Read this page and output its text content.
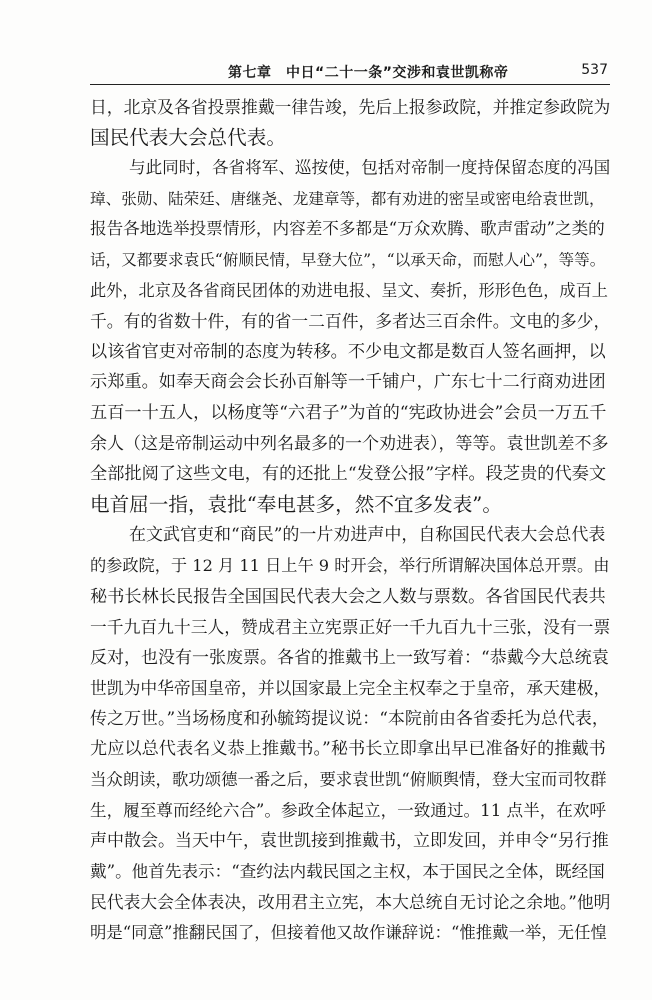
第七章　中日“二十一条”交涉和袁世凯称帝	537
日，北京及各省投票推戴一律告竣，先后上报参政院，并推定参政院为
国民代表大会总代表。
与此同时，各省将军、巡按使，包括对帝制一度持保留态度的冯国
璋、张勋、陆荣廷、唐继尧、龙建章等，都有劝进的密呈或密电给袁世凯，
报告各地选举投票情形，内容差不多都是“万众欢腾、歌声雷动”之类的
话，又都要求袁氏“俯顺民情，早登大位”，“以承天命，而慰人心”，等等。
此外，北京及各省商民团体的劝进电报、呈文、奏折，形形色色，成百上
千。有的省数十件，有的省一二百件，多者达三百余件。文电的多少，
以该省官吏对帝制的态度为转移。不少电文都是数百人签名画押，以
示郑重。如奉天商会会长孙百斛等一千铺户，广东七十二行商劝进团
五百一十五人，以杨度等“六君子”为首的“宪政协进会”会员一万五千
余人（这是帝制运动中列名最多的一个劝进表），等等。袁世凯差不多
全部批阅了这些文电，有的还批上“发登公报”字样。段芝贵的代奏文
电首屈一指，袁批“奉电甚多，然不宜多发表”。
在文武官吏和“商民”的一片劝进声中，自称国民代表大会总代表
的参政院，于 12 月 11 日上午 9 时开会，举行所谓解决国体总开票。由
秘书长林长民报告全国国民代表大会之人数与票数。各省国民代表共
一千九百九十三人，赞成君主立宪票正好一千九百九十三张，没有一票
反对，也没有一张废票。各省的推戴书上一致写着：“恭戴今大总统袁
世凯为中华帝国皇帝，并以国家最上完全主权奉之于皇帝，承天建极，
传之万世。”当场杨度和孙毓筠提议说：“本院前由各省委托为总代表，
尤应以总代表名义恭上推戴书。”秘书长立即拿出早已准备好的推戴书
当众朗读，歌功颂德一番之后，要求袁世凯“俯顺舆情，登大宝而司牧群
生，履至尊而经纶六合”。参政全体起立，一致通过。11 点半，在欢呼
声中散会。当天中午，袁世凯接到推戴书，立即发回，并申令“另行推
戴”。他首先表示：“查约法内载民国之主权，本于国民之全体，既经国
民代表大会全体表决，改用君主立宪，本大总统自无讨论之余地。”他明
明是“同意”推翻民国了，但接着他又故作谦辞说：“惟推戴一举，无任惶
